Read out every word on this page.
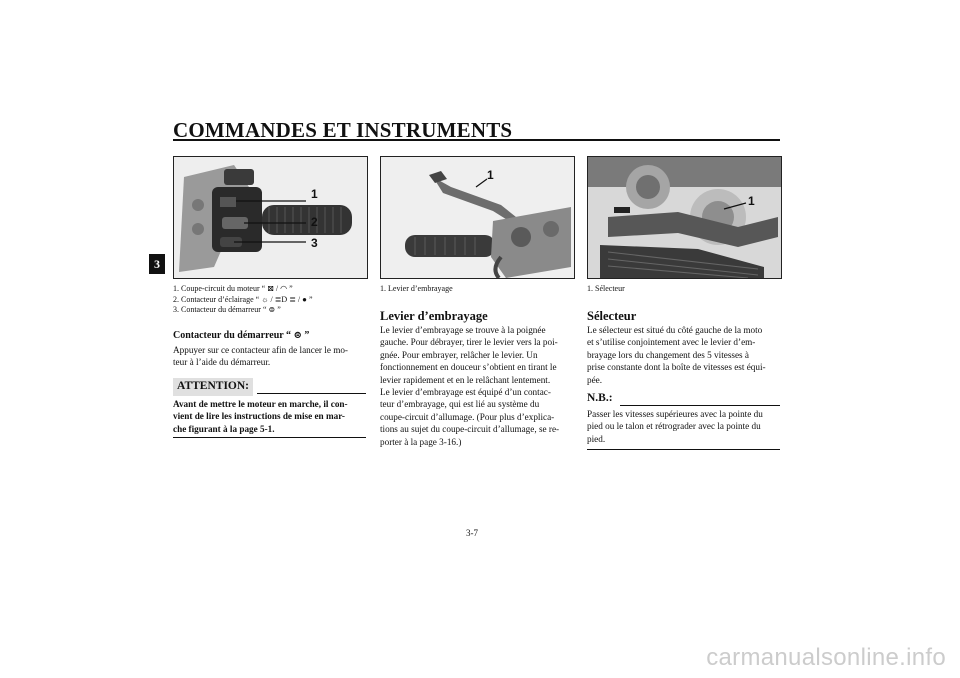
COMMANDES ET INSTRUMENTS
3
1
2
3
1. Coupe-circuit du moteur “ ⊠ / ◠ ”
2. Contacteur d’éclairage “ ☼ / ≣D ≣ / ● ”
3. Contacteur du démarreur “ ⊜ ”
Contacteur du démarreur “ ⊜ ”
Appuyer sur ce contacteur afin de lancer le mo-
teur à l’aide du démarreur.
ATTENTION:
Avant de mettre le moteur en marche, il con-
vient de lire les instructions de mise en mar-
che figurant à la page 5-1.
1
1. Levier d’embrayage
Levier d’embrayage
Le levier d’embrayage se trouve à la poignée
gauche. Pour débrayer, tirer le levier vers la poi-
gnée. Pour embrayer, relâcher le levier. Un
fonctionnement en douceur s’obtient en tirant le
levier rapidement et en le relâchant lentement.
Le levier d’embrayage est équipé d’un contac-
teur d’embrayage, qui est lié au système du
coupe-circuit d’allumage. (Pour plus d’explica-
tions au sujet du coupe-circuit d’allumage, se re-
porter à la page 3-16.)
1
1. Sélecteur
Sélecteur
Le sélecteur est situé du côté gauche de la moto
et s’utilise conjointement avec le levier d’em-
brayage lors du changement des 5 vitesses à
prise constante dont la boîte de vitesses est équi-
pée.
N.B.:
Passer les vitesses supérieures avec la pointe du
pied ou le talon et rétrograder avec la pointe du
pied.
3-7
carmanualsonline.info
